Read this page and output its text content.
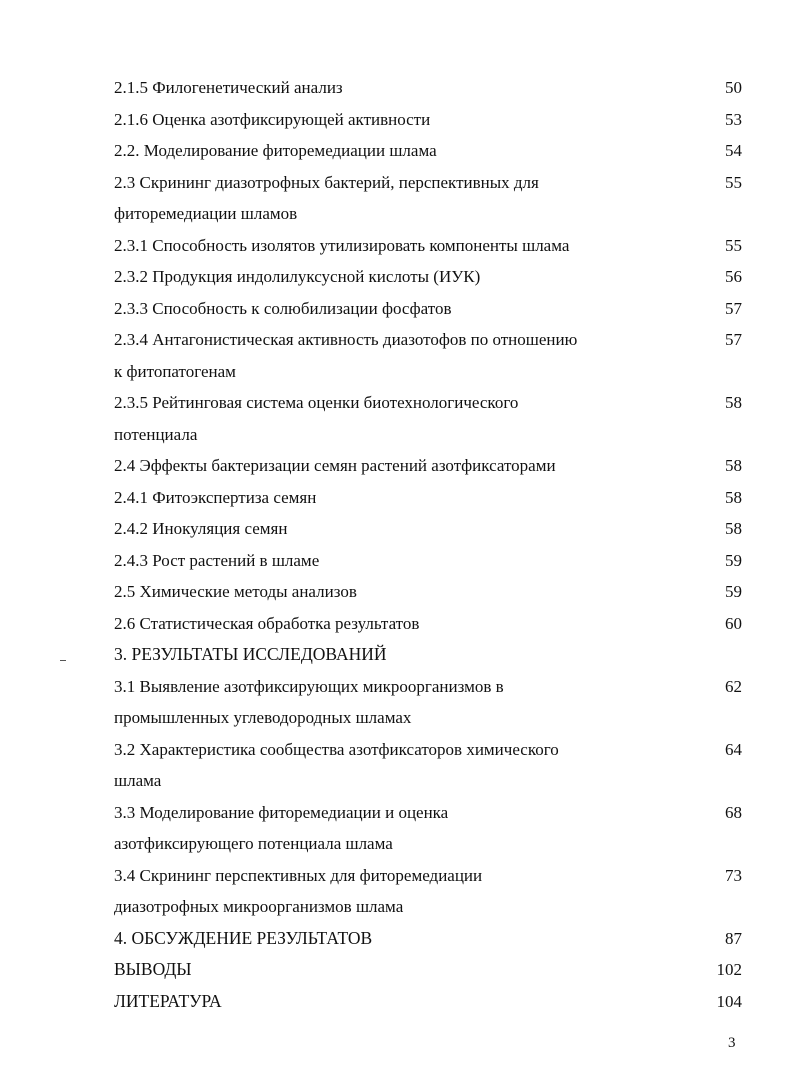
2.1.5 Филогенетический анализ	50
2.1.6 Оценка азотфиксирующей активности	53
2.2. Моделирование фиторемедиации шлама	54
2.3 Скрининг диазотрофных бактерий, перспективных для	55
фиторемедиации шламов
2.3.1 Способность изолятов утилизировать компоненты шлама	55
2.3.2 Продукция индолилуксусной кислоты (ИУК)	56
2.3.3 Способность к солюбилизации фосфатов	57
2.3.4 Антагонистическая активность диазотофов по отношению	57
к фитопатогенам
2.3.5 Рейтинговая система оценки биотехнологического	58
потенциала
2.4 Эффекты бактеризации семян растений азотфиксаторами	58
2.4.1 Фитоэкспертиза семян	58
2.4.2 Инокуляция семян	58
2.4.3 Рост растений в шламе	59
2.5 Химические методы анализов	59
2.6 Статистическая обработка результатов	60
3. РЕЗУЛЬТАТЫ ИССЛЕДОВАНИЙ
3.1 Выявление азотфиксирующих микроорганизмов в	62
промышленных углеводородных шламах
3.2 Характеристика сообщества азотфиксаторов химического	64
шлама
3.3 Моделирование фиторемедиации и оценка	68
азотфиксирующего потенциала шлама
3.4 Скрининг перспективных для фиторемедиации	73
диазотрофных микроорганизмов шлама
4. ОБСУЖДЕНИЕ РЕЗУЛЬТАТОВ	87
ВЫВОДЫ	102
ЛИТЕРАТУРА	104
3
